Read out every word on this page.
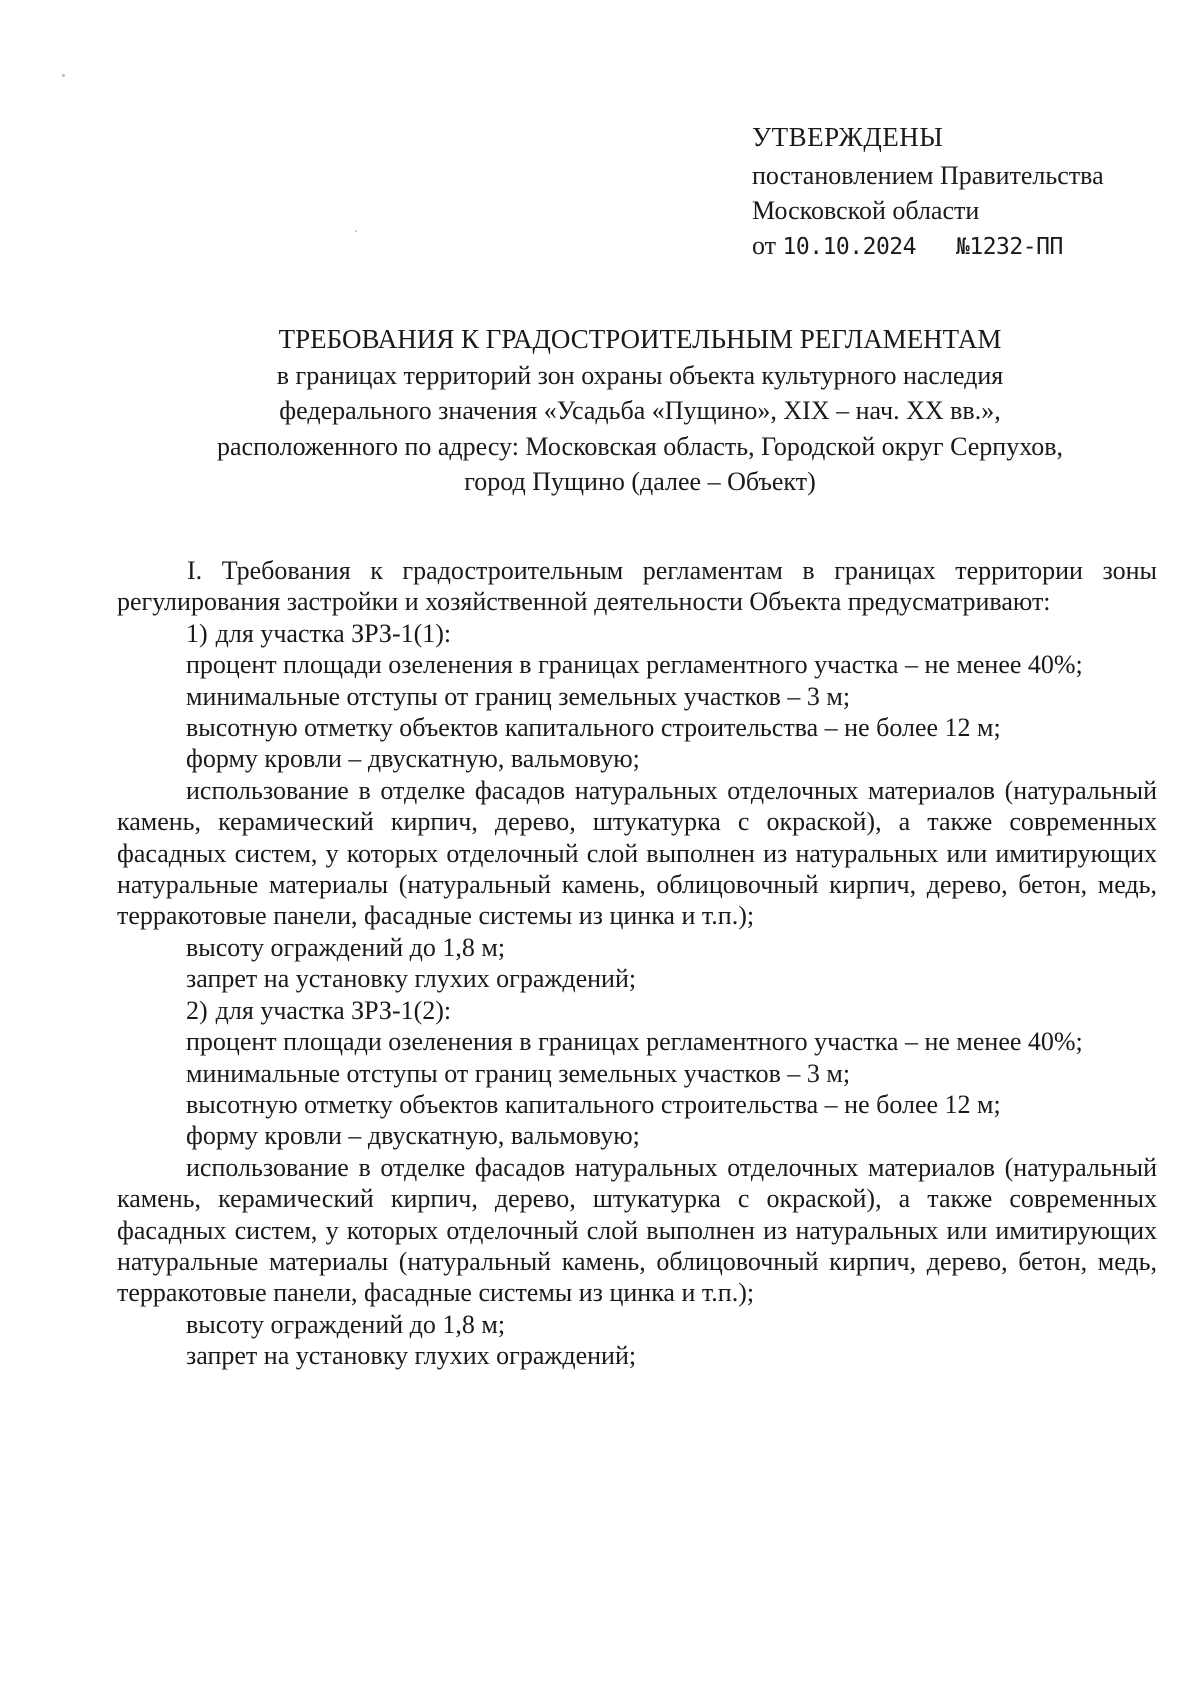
УТВЕРЖДЕНЫ
постановлением Правительства
Московской области
от 10.10.2024 №1232-ПП
ТРЕБОВАНИЯ К ГРАДОСТРОИТЕЛЬНЫМ РЕГЛАМЕНТАМ
в границах территорий зон охраны объекта культурного наследия
федерального значения «Усадьба «Пущино», XIX – нач. XX вв.»,
расположенного по адресу: Московская область, Городской округ Серпухов,
город Пущино (далее – Объект)

I. Требования к градостроительным регламентам в границах территории зоны регулирования застройки и хозяйственной деятельности Объекта предусматривают:

1) для участка ЗРЗ-1(1):

процент площади озеленения в границах регламентного участка – не менее 40%;

минимальные отступы от границ земельных участков – 3 м;

высотную отметку объектов капитального строительства – не более 12 м;

форму кровли – двускатную, вальмовую;

использование в отделке фасадов натуральных отделочных материалов (натуральный камень, керамический кирпич, дерево, штукатурка с окраской), а также современных фасадных систем, у которых отделочный слой выполнен из натуральных или имитирующих натуральные материалы (натуральный камень, облицовочный кирпич, дерево, бетон, медь, терракотовые панели, фасадные системы из цинка и т.п.);

высоту ограждений до 1,8 м;

запрет на установку глухих ограждений;

2) для участка ЗРЗ-1(2):

процент площади озеленения в границах регламентного участка – не менее 40%;

минимальные отступы от границ земельных участков – 3 м;

высотную отметку объектов капитального строительства – не более 12 м;

форму кровли – двускатную, вальмовую;

использование в отделке фасадов натуральных отделочных материалов (натуральный камень, керамический кирпич, дерево, штукатурка с окраской), а также современных фасадных систем, у которых отделочный слой выполнен из натуральных или имитирующих натуральные материалы (натуральный камень, облицовочный кирпич, дерево, бетон, медь, терракотовые панели, фасадные системы из цинка и т.п.);

высоту ограждений до 1,8 м;

запрет на установку глухих ограждений;
